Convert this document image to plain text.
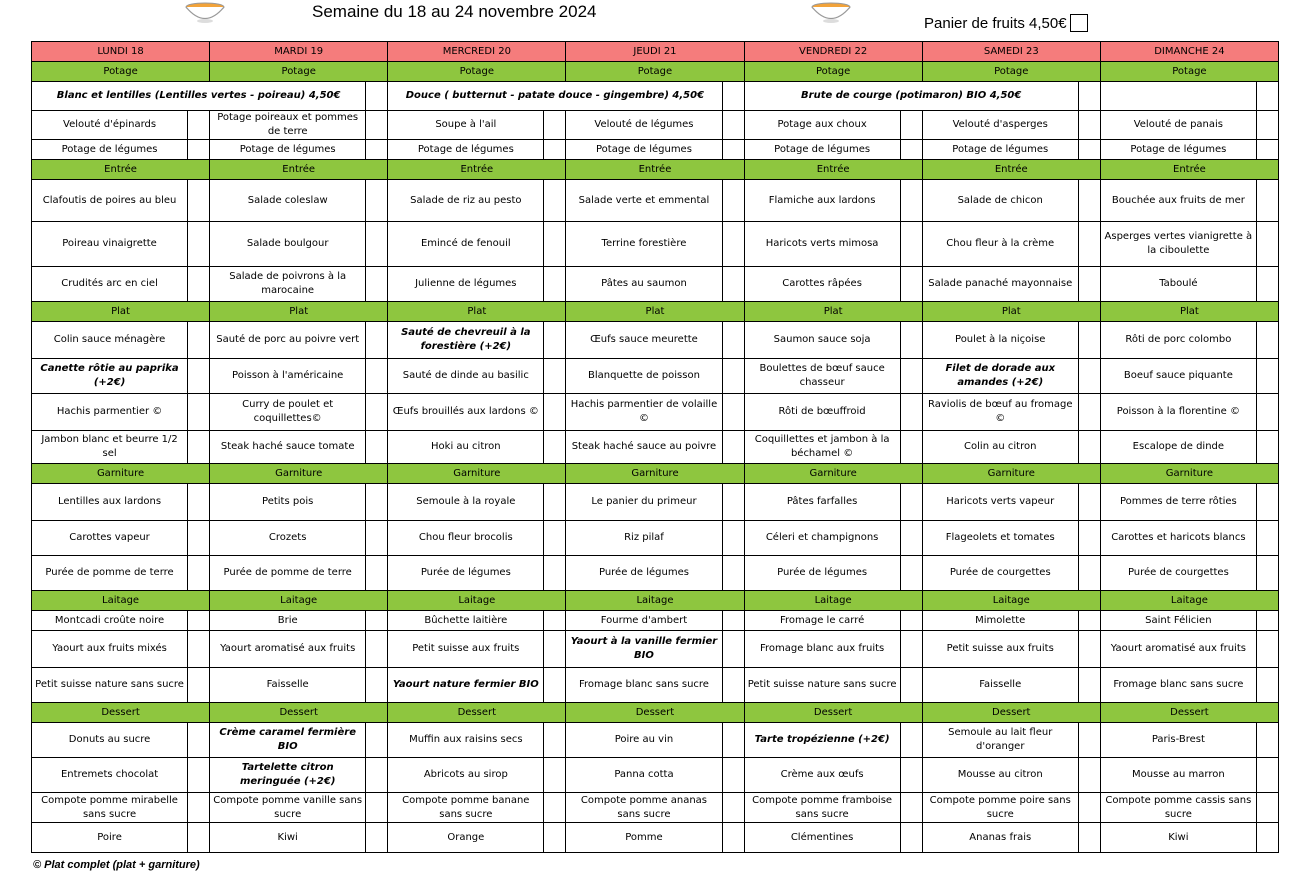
Semaine du 18 au 24 novembre 2024
Panier de fruits 4,50€
LUNDI 18		MARDI 19		MERCREDI 20		JEUDI 21		VENDREDI 22		SAMEDI 23		DIMANCHE 24	
Potage		Potage		Potage		Potage		Potage		Potage		Potage	
Blanc et lentilles (Lentilles vertes - poireau) 4,50€				Douce ( butternut - patate douce - gingembre) 4,50€				Brute de courge (potimaron) BIO 4,50€					
Velouté d'épinards		Potage poireaux et pommes de terre		Soupe à l'ail		Velouté de légumes		Potage aux choux		Velouté d'asperges		Velouté de panais	
Potage de légumes		Potage de légumes		Potage de légumes		Potage de légumes		Potage de légumes		Potage de légumes		Potage de légumes	
Entrée		Entrée		Entrée		Entrée		Entrée		Entrée		Entrée	
Clafoutis de poires au bleu		Salade coleslaw		Salade de riz au pesto		Salade verte et emmental		Flamiche aux lardons		Salade de chicon		Bouchée aux fruits de mer	
Poireau vinaigrette		Salade boulgour		Emincé de fenouil		Terrine forestière		Haricots verts mimosa		Chou fleur à la crème		Asperges vertes vianigrette à la ciboulette	
Crudités arc en ciel		Salade de poivrons à la marocaine		Julienne de légumes		Pâtes au saumon		Carottes râpées		Salade panaché mayonnaise		Taboulé	
Plat		Plat		Plat		Plat		Plat		Plat		Plat	
Colin sauce ménagère		Sauté de porc au poivre vert		Sauté de chevreuil à la forestière (+2€)		Œufs sauce meurette		Saumon sauce soja		Poulet à la niçoise		Rôti de porc colombo	
Canette rôtie au paprika (+2€)		Poisson à l'américaine		Sauté de dinde au basilic		Blanquette de poisson		Boulettes de bœuf sauce chasseur		Filet de dorade aux amandes (+2€)		Boeuf sauce piquante	
Hachis parmentier ©		Curry de poulet et coquillettes©		Œufs brouillés aux lardons ©		Hachis parmentier de volaille ©		Rôti de bœuffroid		Raviolis de bœuf au fromage ©		Poisson à la florentine ©	
Jambon blanc et beurre 1/2 sel		Steak haché sauce tomate		Hoki au citron		Steak haché sauce au poivre		Coquillettes et jambon à la béchamel ©		Colin au citron		Escalope de dinde	
Garniture		Garniture		Garniture		Garniture		Garniture		Garniture		Garniture	
Lentilles aux lardons		Petits pois		Semoule à la royale		Le panier du primeur		Pâtes farfalles		Haricots verts vapeur		Pommes de terre rôties	
Carottes vapeur		Crozets		Chou fleur brocolis		Riz pilaf		Céleri et champignons		Flageolets et tomates		Carottes et haricots blancs	
Purée de pomme de terre		Purée de pomme de terre		Purée de légumes		Purée de légumes		Purée de légumes		Purée de courgettes		Purée de courgettes	
Laitage		Laitage		Laitage		Laitage		Laitage		Laitage		Laitage	
Montcadi croûte noire		Brie		Bûchette laitière		Fourme d'ambert		Fromage le carré		Mimolette		Saint Félicien	
Yaourt aux fruits mixés		Yaourt aromatisé aux fruits		Petit suisse aux fruits		Yaourt à la vanille fermier BIO		Fromage blanc aux fruits		Petit suisse aux fruits		Yaourt aromatisé aux fruits	
Petit suisse nature sans sucre		Faisselle		Yaourt nature fermier BIO		Fromage blanc sans sucre		Petit suisse nature sans sucre		Faisselle		Fromage blanc sans sucre	
Dessert		Dessert		Dessert		Dessert		Dessert		Dessert		Dessert	
Donuts au sucre		Crème caramel fermière BIO		Muffin aux raisins secs		Poire au vin		Tarte tropézienne (+2€)		Semoule au lait fleur d'oranger		Paris-Brest	
Entremets chocolat		Tartelette citron meringuée (+2€)		Abricots au sirop		Panna cotta		Crème aux œufs		Mousse au citron		Mousse au marron	
Compote pomme mirabelle sans sucre		Compote pomme vanille sans sucre		Compote pomme banane sans sucre		Compote pomme ananas sans sucre		Compote pomme framboise sans sucre		Compote pomme poire sans sucre		Compote pomme cassis sans sucre	
Poire		Kiwi		Orange		Pomme		Clémentines		Ananas frais		Kiwi	
© Plat complet (plat + garniture)
